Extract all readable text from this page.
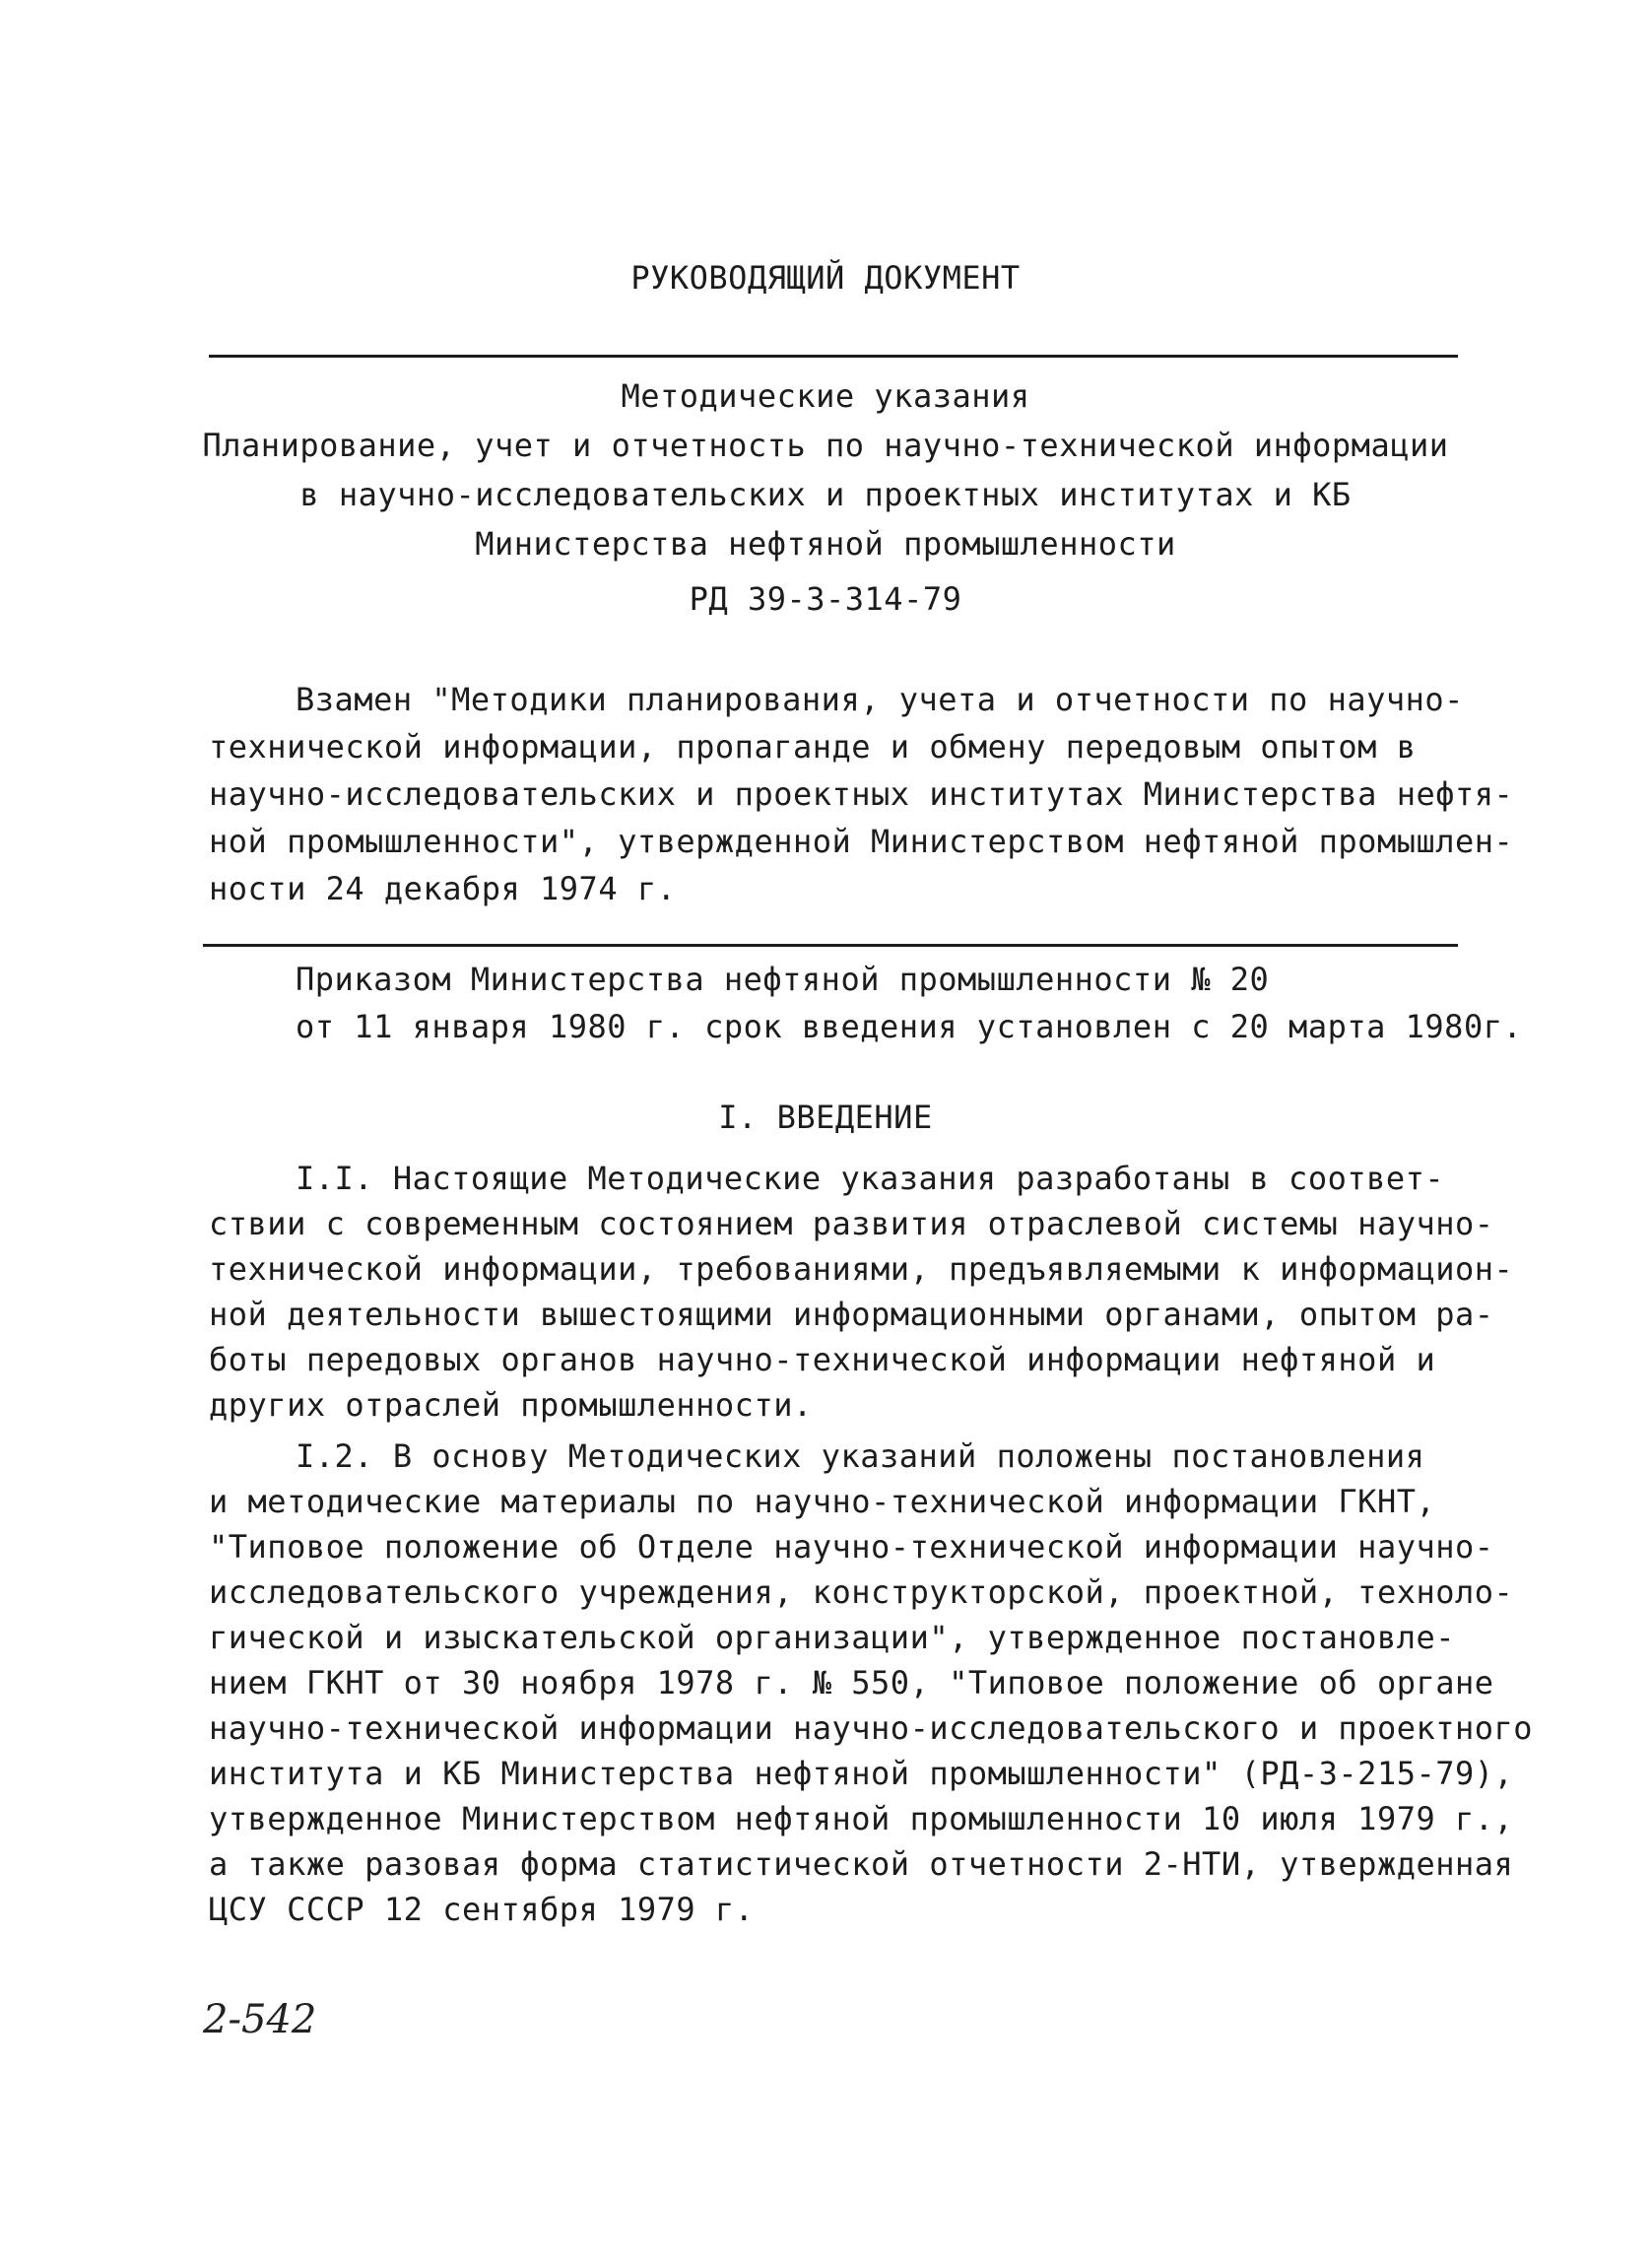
РУКОВОДЯЩИЙ ДОКУМЕНТ
Методические указания
Планирование, учет и отчетность по научно-технической информации
в научно-исследовательских и проектных институтах и КБ
Министерства нефтяной промышленности
РД 39-3-314-79
Взамен "Методики планирования, учета и отчетности по научно-
технической информации, пропаганде и обмену передовым опытом в
научно-исследовательских и проектных институтах Министерства нефтя-
ной промышленности", утвержденной Министерством нефтяной промышлен-
ности 24 декабря 1974 г.
Приказом Министерства нефтяной промышленности № 20
от 11 января 1980 г. срок введения установлен с 20 марта 1980г.
I. ВВЕДЕНИЕ
I.I. Настоящие Методические указания разработаны в соответ-
ствии с современным состоянием развития отраслевой системы научно-
технической информации, требованиями, предъявляемыми к информацион-
ной деятельности вышестоящими информационными органами, опытом ра-
боты передовых органов научно-технической информации нефтяной и
других отраслей промышленности.
I.2. В основу Методических указаний положены постановления
и методические материалы по научно-технической информации ГКНТ,
"Типовое положение об Отделе научно-технической информации научно-
исследовательского учреждения, конструкторской, проектной, техноло-
гической и изыскательской организации", утвержденное постановле-
нием ГКНТ от 30 ноября 1978 г. № 550, "Типовое положение об органе
научно-технической информации научно-исследовательского и проектного
института и КБ Министерства нефтяной промышленности" (РД-3-215-79),
утвержденное Министерством нефтяной промышленности 10 июля 1979 г.,
а также разовая форма статистической отчетности 2-НТИ, утвержденная
ЦСУ СССР 12 сентября 1979 г.
2-542
